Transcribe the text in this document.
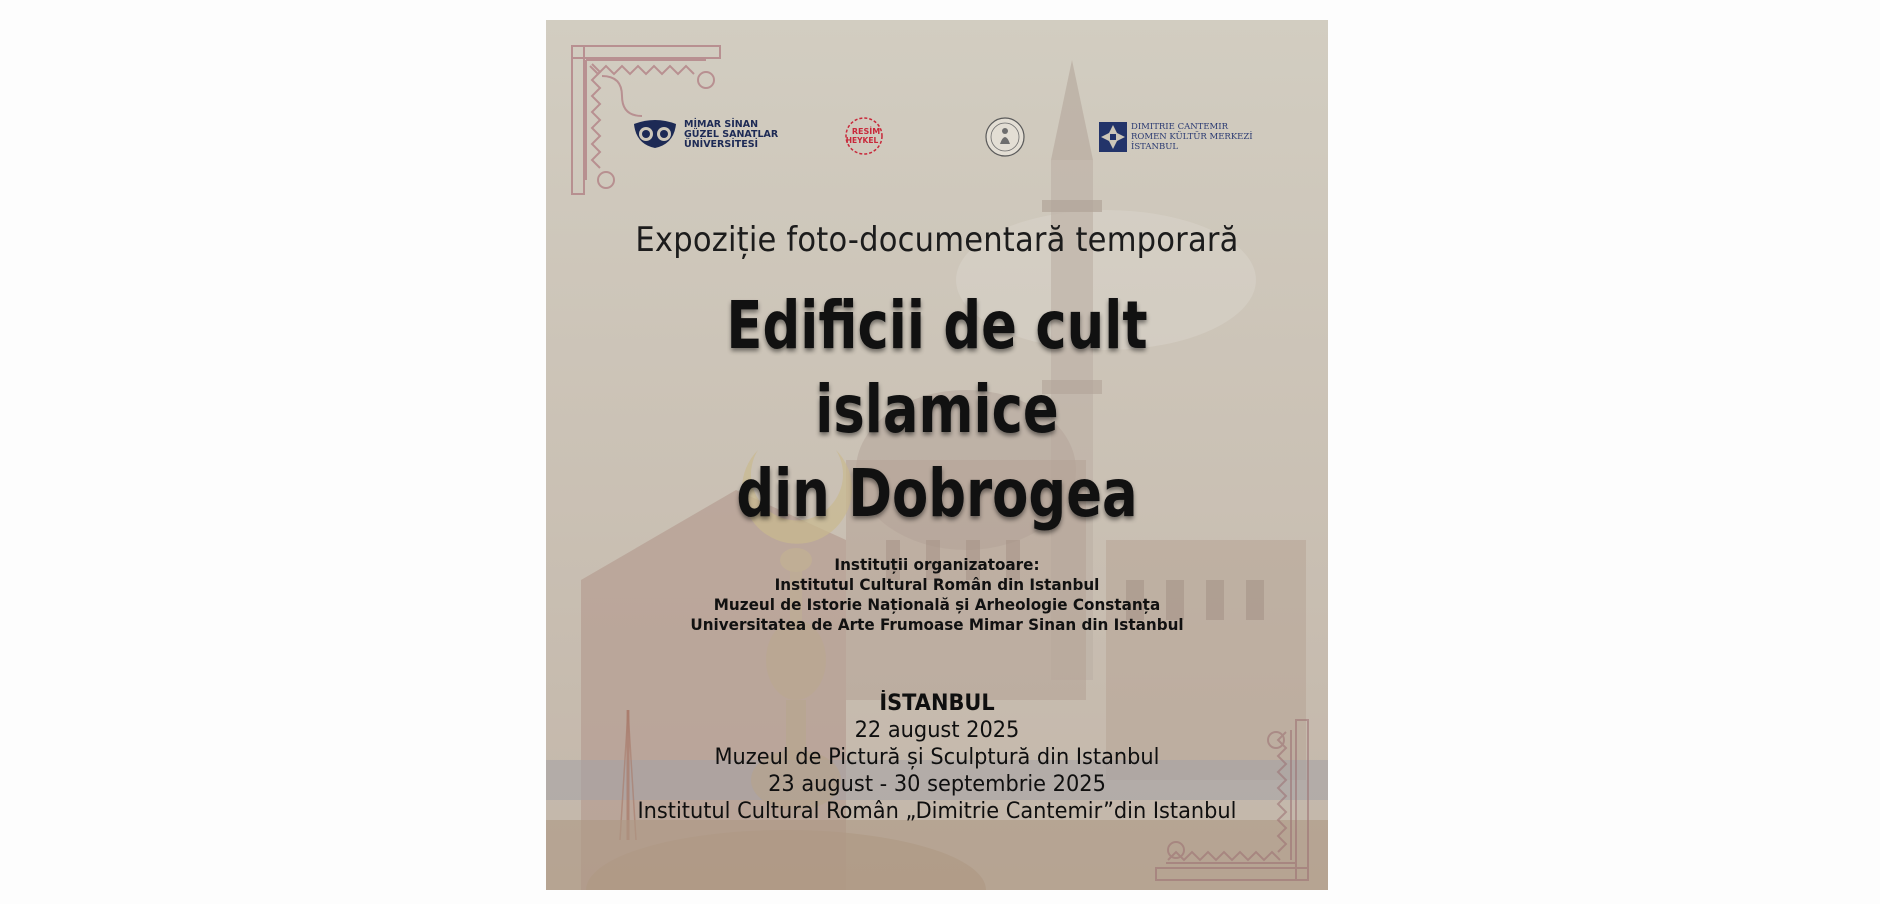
MİMAR SİNAN
GÜZEL SANATLAR
ÜNİVERSİTESİ
RESİM
HEYKEL
DIMITRIE CANTEMIR
ROMEN KÜLTÜR MERKEZİ
İSTANBUL
Expoziție foto-documentară temporară
Edificii de cult islamice
din Dobrogea
Instituții organizatoare:
Institutul Cultural Român din Istanbul
Muzeul de Istorie Națională și Arheologie Constanța
Universitatea de Arte Frumoase Mimar Sinan din Istanbul
İSTANBUL
22 august 2025
Muzeul de Pictură și Sculptură din Istanbul
23 august - 30 septembrie 2025
Institutul Cultural Român „Dimitrie Cantemir”din Istanbul
